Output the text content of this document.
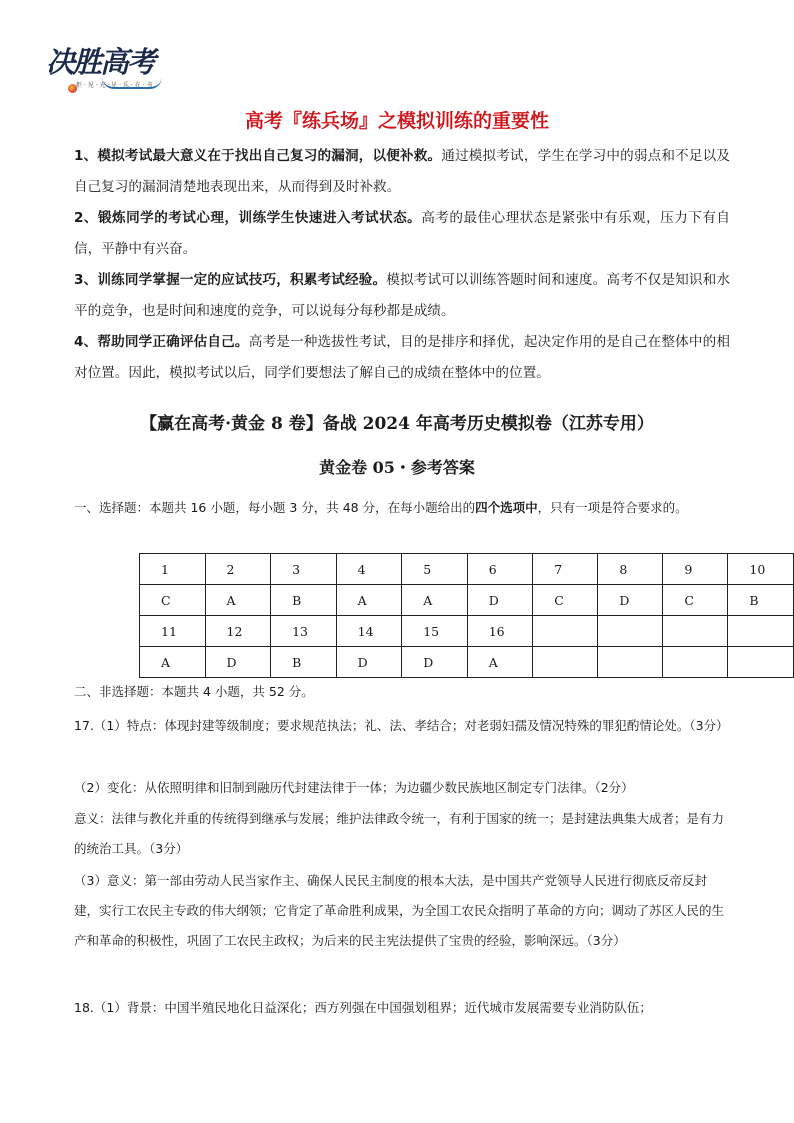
决胜高考
拒 · 见 · 光 · 见 · 乐 · 在 · 书
高考『练兵场』之模拟训练的重要性
1、模拟考试最大意义在于找出自己复习的漏洞，以便补救。通过模拟考试，学生在学习中的弱点和不足以及自己复习的漏洞清楚地表现出来，从而得到及时补救。
2、锻炼同学的考试心理，训练学生快速进入考试状态。高考的最佳心理状态是紧张中有乐观，压力下有自信，平静中有兴奋。
3、训练同学掌握一定的应试技巧，积累考试经验。模拟考试可以训练答题时间和速度。高考不仅是知识和水平的竞争，也是时间和速度的竞争，可以说每分每秒都是成绩。
4、帮助同学正确评估自己。高考是一种选拔性考试，目的是排序和择优，起决定作用的是自己在整体中的相对位置。因此，模拟考试以后，同学们要想法了解自己的成绩在整体中的位置。
【赢在高考·黄金 8 卷】备战 2024 年高考历史模拟卷（江苏专用）
黄金卷 05・参考答案
一、选择题：本题共 16 小题，每小题 3 分，共 48 分，在每小题给出的四个选项中，只有一项是符合要求的。
1	2	3	4	5	6	7	8	9	10
C	A	B	A	A	D	C	D	C	B
11	12	13	14	15	16				
A	D	B	D	D	A				
二、非选择题：本题共 4 小题，共 52 分。
17.（1）特点：体现封建等级制度；要求规范执法；礼、法、孝结合；对老弱妇孺及情况特殊的罪犯酌情论处。（3分）
（2）变化：从依照明律和旧制到融历代封建法律于一体；为边疆少数民族地区制定专门法律。（2分）
意义：法律与教化并重的传统得到继承与发展；维护法律政令统一，有利于国家的统一；是封建法典集大成者；是有力的统治工具。（3分）
（3）意义：第一部由劳动人民当家作主、确保人民民主制度的根本大法，是中国共产党领导人民进行彻底反帝反封建，实行工农民主专政的伟大纲领；它肯定了革命胜利成果，为全国工农民众指明了革命的方向；调动了苏区人民的生产和革命的积极性，巩固了工农民主政权；为后来的民主宪法提供了宝贵的经验，影响深远。（3分）
18.（1）背景：中国半殖民地化日益深化；西方列强在中国强划租界；近代城市发展需要专业消防队伍；
